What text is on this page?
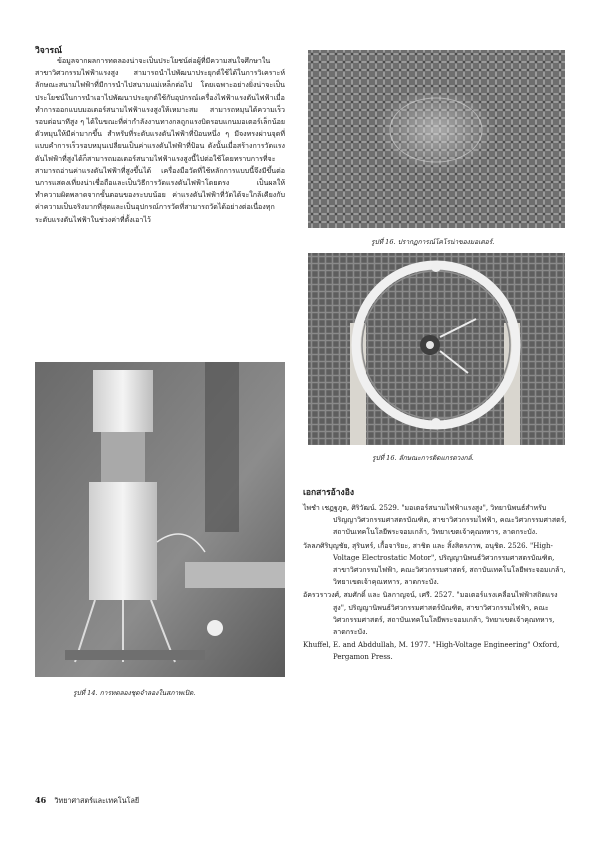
วิจารณ์

ข้อมูลจากผลการทดลองน่าจะเป็นประโยชน์ต่อผู้ที่มีความสนใจศึกษาในสาขาวิศวกรรมไฟฟ้าแรงสูง สามารถนำไปพัฒนาประยุกต์ใช้ได้ในการวิเคราะห์ลักษณะสนามไฟฟ้าที่มีการนำไปสนามแม่เหล็กต่อไป โดยเฉพาะอย่างยิ่งน่าจะเป็นประโยชน์ในการนำเอาไปพัฒนาประยุกต์ใช้กับอุปกรณ์เครื่องไฟฟ้าแรงดันไฟฟ้าเมื่อทำการออกแบบมอเตอร์สนามไฟฟ้าแรงสูงให้เหมาะสม สามารถหมุนได้ความเร็วรอบต่อนาทีสูง ๆ ได้ในขณะที่ค่ากำลังงานทางกลถูกแรงบิดรอบแกนมอเตอร์เล็กน้อยตัวหมุนให้มีค่ามากขึ้น สำหรับที่ระดับแรงดันไฟฟ้าที่ป้อนหนึ่ง ๆ มีจงทรงผ่านจุดที่แบบคำการเร็วรอบหมุนเปลี่ยนเป็นค่าแรงดันไฟฟ้าที่ป้อน ดังนั้นเมื่อสร้างการวัดแรงดันไฟฟ้าที่สูงได้ก็สามารถมอเตอร์สนามไฟฟ้าแรงสูงนี้ไปต่อใช้โดยทราบการที่จะสามารถอ่านค่าแรงดันไฟฟ้าที่สูงขึ้นได้ เครื่องมือวัดที่ใช้หลักการแบบนี้จึงมีขึ้นต่อนการแสดงเที่ยงน่าเชื่อถือและเป็นวิธีการวัดแรงดันไฟฟ้าโดยตรง เป็นผลให้ทำความผิดพลาดจากขั้นตอนของระบบน้อย ค่าแรงดันไฟฟ้าที่วัดได้จะใกล้เคียงกับค่าความเป็นจริงมากที่สุดและเป็นอุปกรณ์การวัดที่สามารถวัดได้อย่างต่อเนื่องทุกระดับแรงดันไฟฟ้าในช่วงค่าที่ตั้งเอาไว้

รูปที่ 16. ปรากฏการณ์โคโรน่าของมอเตอร์.
รูปที่ 16. ลักษณะการติดแกรดวงกล์.
รูปที่ 14. การทดลองชุดจำลองในสภาพเปิด.
เอกสารอ้างอิง

ไพชำ เชฏฐภูต, ศิริวัฒน์. 2529. "มอเตอร์สนามไฟฟ้าแรงสูง", วิทยานิพนธ์สำหรับปริญญาวิศวกรรมศาสตรบัณฑิต, สาขาวิศวกรรมไฟฟ้า, คณะวิศวกรรมศาสตร์, สถาบันเทคโนโลยีพระจอมเกล้า, วิทยาเขตเจ้าคุณทหาร, ลาดกระบัง.

วัลลภศิริบุญชัย, สุรินทร์, เกื้อจาริยะ, สาชิต และ สิ้งสิตรภาพ, อนุชิต. 2526. "High-Voltage Electrostatic Motor", ปริญญานิพนธ์วิศวกรรมศาสตรบัณฑิต, สาขาวิศวกรรมไฟฟ้า, คณะวิศวกรรมศาสตร์, สถาบันเทคโนโลยีพระจอมเกล้า, วิทยาเขตเจ้าคุณทหาร, ลาดกระบัง.

อัครวราวงศ์, สมศักดิ์ และ นิลกาญจน์, เศรี. 2527. "มอเตอร์แรงเคลื่อนไฟฟ้าสถิตแรงสูง", ปริญญานิพนธ์วิศวกรรมศาสตร์บัณฑิต, สาขาวิศวกรรมไฟฟ้า, คณะวิศวกรรมศาสตร์, สถาบันเทคโนโลยีพระจอมเกล้า, วิทยาเขตเจ้าคุณทหาร, ลาดกระบัง.

Khuffel, E. and Abddullah, M. 1977. "High-Voltage Engineering" Oxford, Pergamon Press.

46 วิทยาศาสตร์และเทคโนโลยี
